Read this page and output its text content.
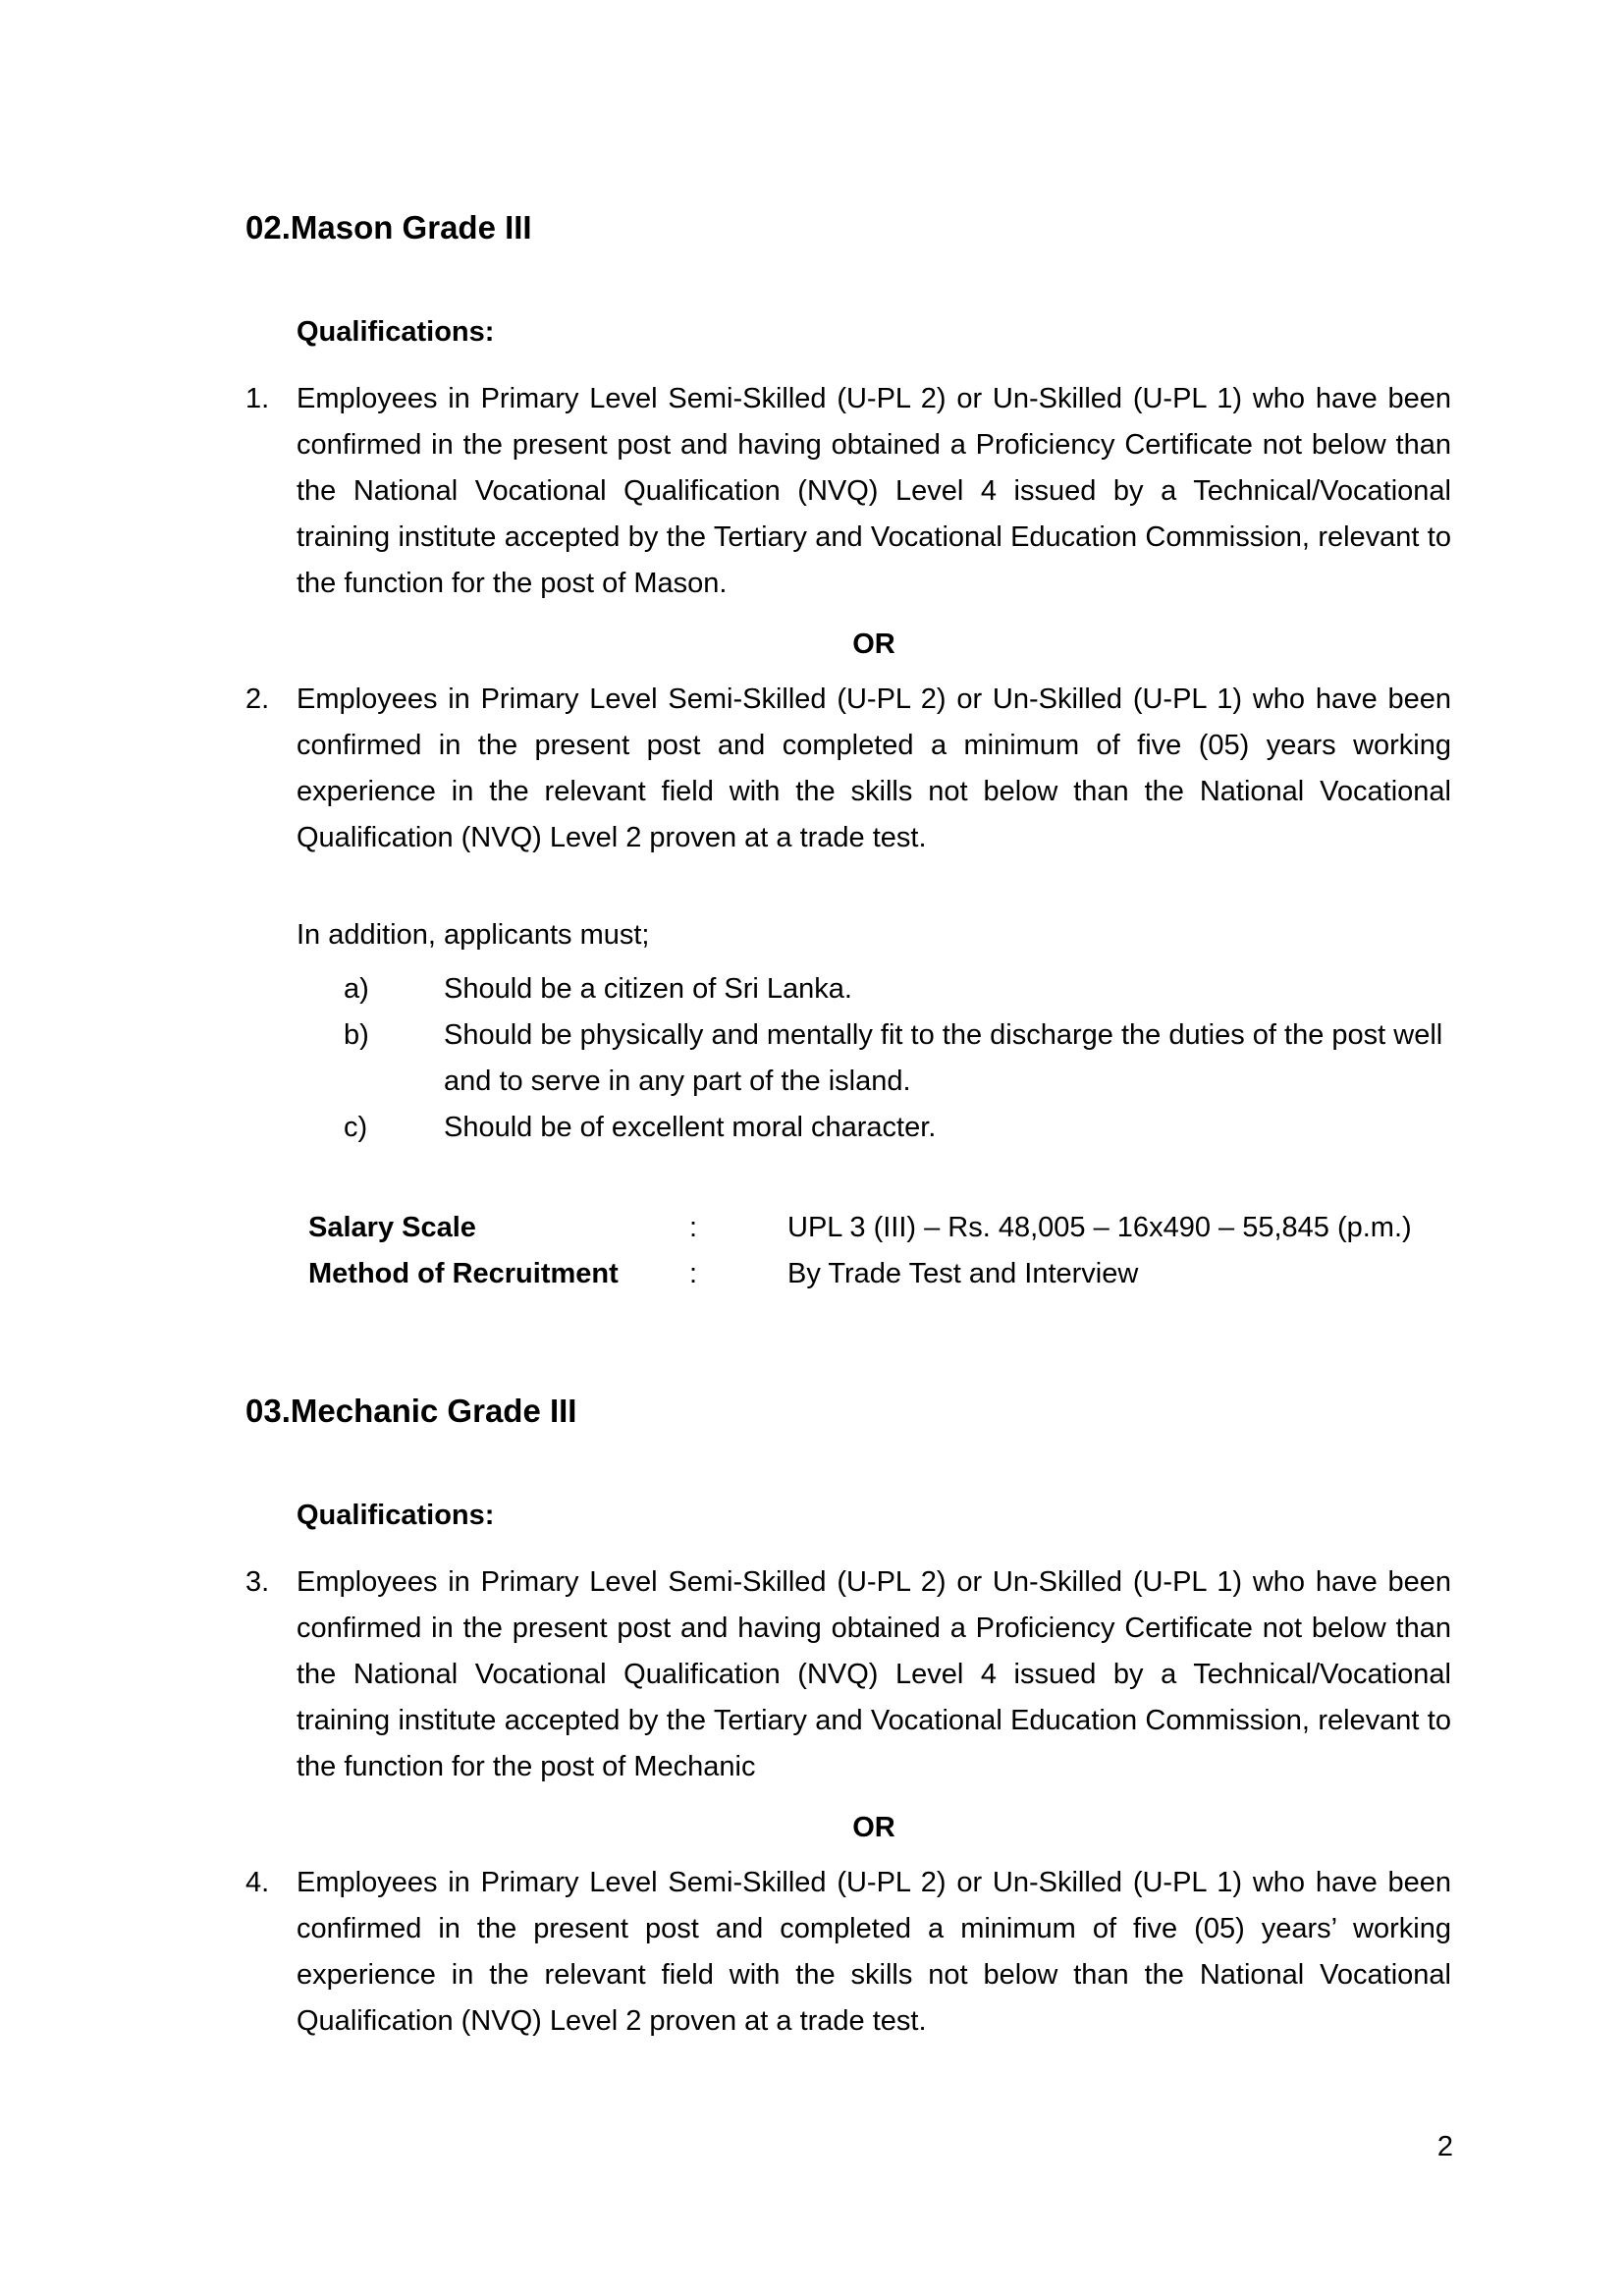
02.Mason Grade III
Qualifications:
1. Employees in Primary Level Semi-Skilled (U-PL 2) or Un-Skilled (U-PL 1) who have been confirmed in the present post and having obtained a Proficiency Certificate not below than the National Vocational Qualification (NVQ) Level 4 issued by a Technical/Vocational training institute accepted by the Tertiary and Vocational Education Commission, relevant to the function for the post of Mason.
OR
2. Employees in Primary Level Semi-Skilled (U-PL 2) or Un-Skilled (U-PL 1) who have been confirmed in the present post and completed a minimum of five (05) years working experience in the relevant field with the skills not below than the National Vocational Qualification (NVQ) Level 2 proven at a trade test.
In addition, applicants must;
a)	Should be a citizen of Sri Lanka.
b)	Should be physically and mentally fit to the discharge the duties of the post well and to serve in any part of the island.
c)	Should be of excellent moral character.
Salary Scale	:	UPL 3 (III) – Rs. 48,005 – 16x490 – 55,845 (p.m.)
Method of Recruitment :	By Trade Test and Interview
03.Mechanic Grade III
Qualifications:
3. Employees in Primary Level Semi-Skilled (U-PL 2) or Un-Skilled (U-PL 1) who have been confirmed in the present post and having obtained a Proficiency Certificate not below than the National Vocational Qualification (NVQ) Level 4 issued by a Technical/Vocational training institute accepted by the Tertiary and Vocational Education Commission, relevant to the function for the post of Mechanic
OR
4. Employees in Primary Level Semi-Skilled (U-PL 2) or Un-Skilled (U-PL 1) who have been confirmed in the present post and completed a minimum of five (05) years’ working experience in the relevant field with the skills not below than the National Vocational Qualification (NVQ) Level 2 proven at a trade test.
2
